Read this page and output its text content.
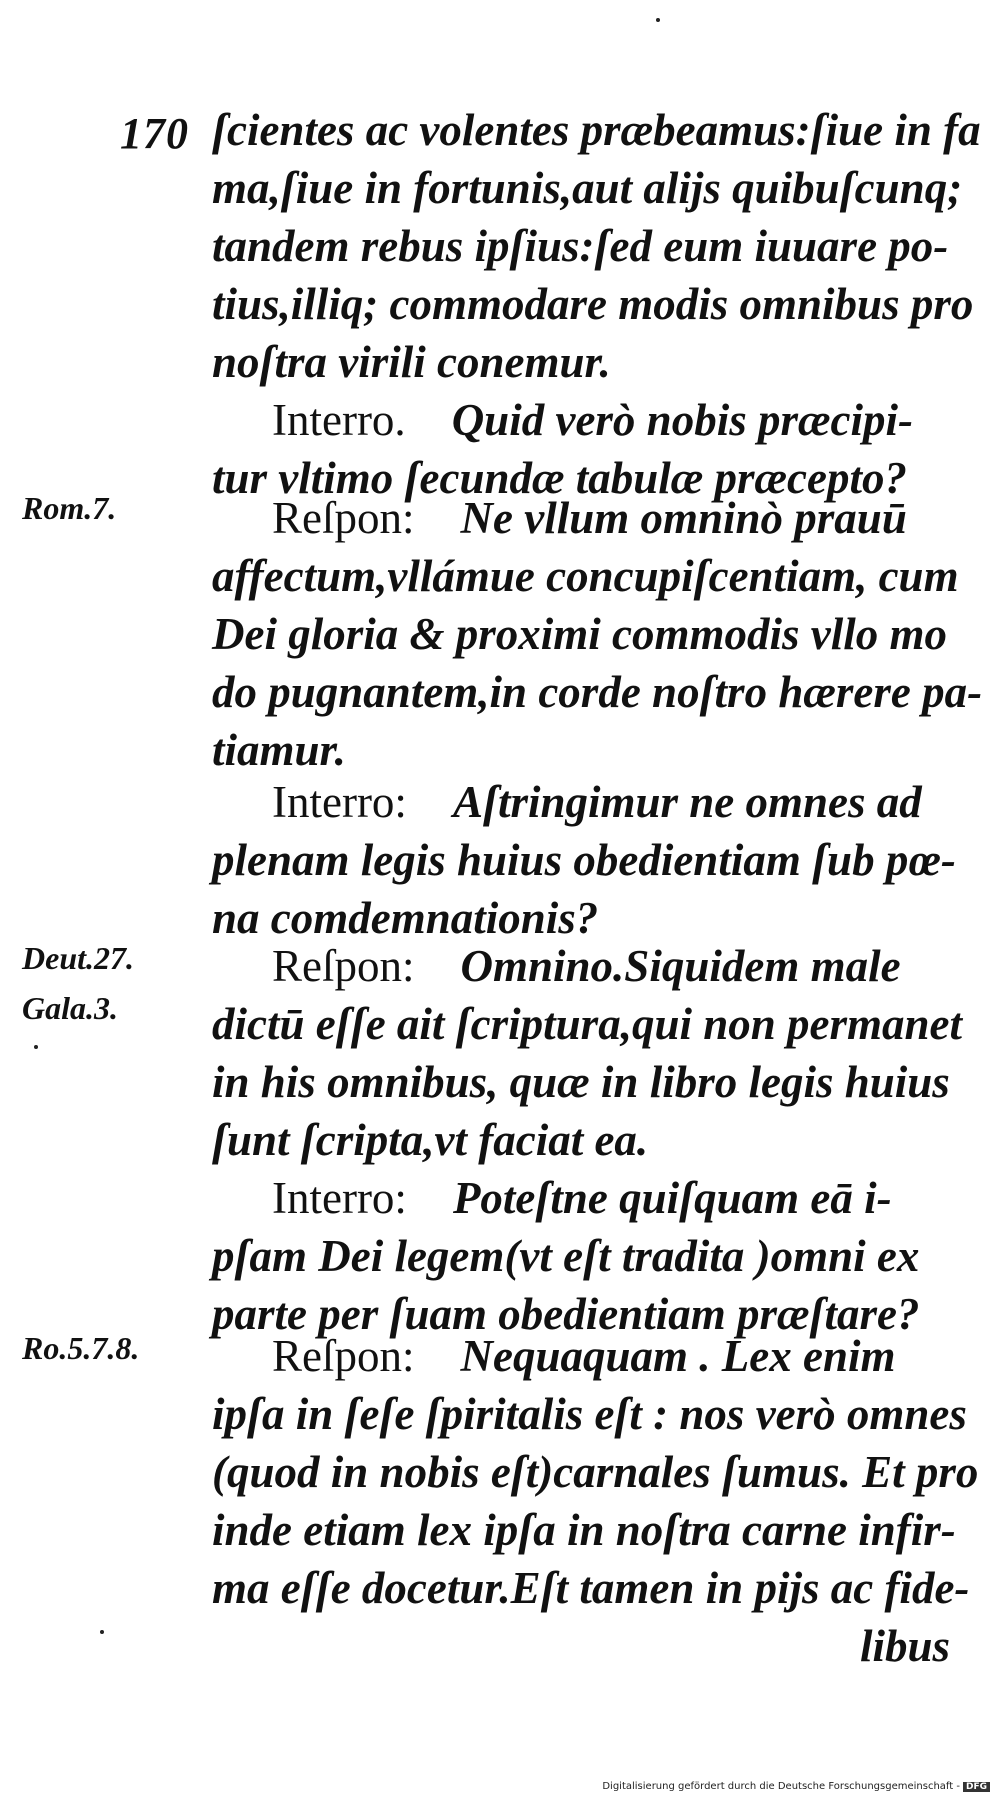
170 ſcientes ac volentes præbeamus:ſiue in fa
ma,ſiue in fortunis,aut alijs quibuſcunq;
tandem rebus ipſius:ſed eum iuuare po-
tius,illiq; commodare modis omnibus pro
noſtra virili conemur.
Interro. Quid verò nobis præcipi-
tur vltimo ſecundæ tabulæ præcepto?
Rom.7.	Reſpon: Ne vllum omninò prauū
affectum,vllámue concupiſcentiam, cum
Dei gloria & proximi commodis vllo mo
do pugnantem,in corde noſtro hærere pa-
tiamur.
Interro: Aſtringimur ne omnes ad
plenam legis huius obedientiam ſub pœ-
na comdemnationis?
Deut.27.
Gala.3.
Reſpon: Omnino.Siquidem male
dictū eſſe ait ſcriptura,qui non permanet
in his omnibus, quæ in libro legis huius
ſunt ſcripta,vt faciat ea.
Interro: Poteſtne quiſquam eā i-
pſam Dei legem(vt eſt tradita )omni ex
parte per ſuam obedientiam præſtare?
Ro.5.7.8.	Reſpon: Nequaquam . Lex enim
ipſa in ſeſe ſpiritalis eſt : nos verò omnes
(quod in nobis eſt)carnales ſumus. Et pro
inde etiam lex ipſa in noſtra carne infir-
ma eſſe docetur.Eſt tamen in pijs ac fide-
libus
Digitalisierung gefördert durch die Deutsche Forschungsgemeinschaft - DFG
